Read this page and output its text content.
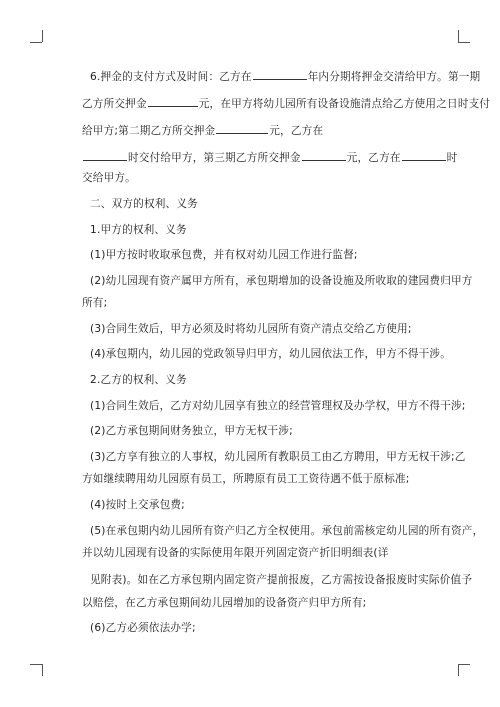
6.押金的支付方式及时间：乙方在	年内分期将押金交清给甲方。第一期
乙方所交押金	元，在甲方将幼儿园所有设备设施清点给乙方使用之日时支付
给甲方;第二期乙方所交押金	元，乙方在
时交付给甲方，第三期乙方所交押金	元，乙方在	时
交给甲方。
二、双方的权利、义务
1.甲方的权利、义务
(1)甲方按时收取承包费，并有权对幼儿园工作进行监督;
(2)幼儿园现有资产属甲方所有，承包期增加的设备设施及所收取的建园费归甲方
所有;
(3)合同生效后，甲方必须及时将幼儿园所有资产清点交给乙方使用;
(4)承包期内，幼儿园的党政领导归甲方，幼儿园依法工作，甲方不得干涉。
2.乙方的权利、义务
(1)合同生效后，乙方对幼儿园享有独立的经营管理权及办学权，甲方不得干涉;
(2)乙方承包期间财务独立，甲方无权干涉;
(3)乙方享有独立的人事权，幼儿园所有教职员工由乙方聘用，甲方无权干涉;乙
方如继续聘用幼儿园原有员工，所聘原有员工工资待遇不低于原标准;
(4)按时上交承包费;
(5)在承包期内幼儿园所有资产归乙方全权使用。承包前需核定幼儿园的所有资产，
并以幼儿园现有设备的实际使用年限开列固定资产折旧明细表(详
见附表)。如在乙方承包期内固定资产提前报废，乙方需按设备报废时实际价值予
以赔偿，在乙方承包期间幼儿园增加的设备资产归甲方所有;
(6)乙方必须依法办学;
